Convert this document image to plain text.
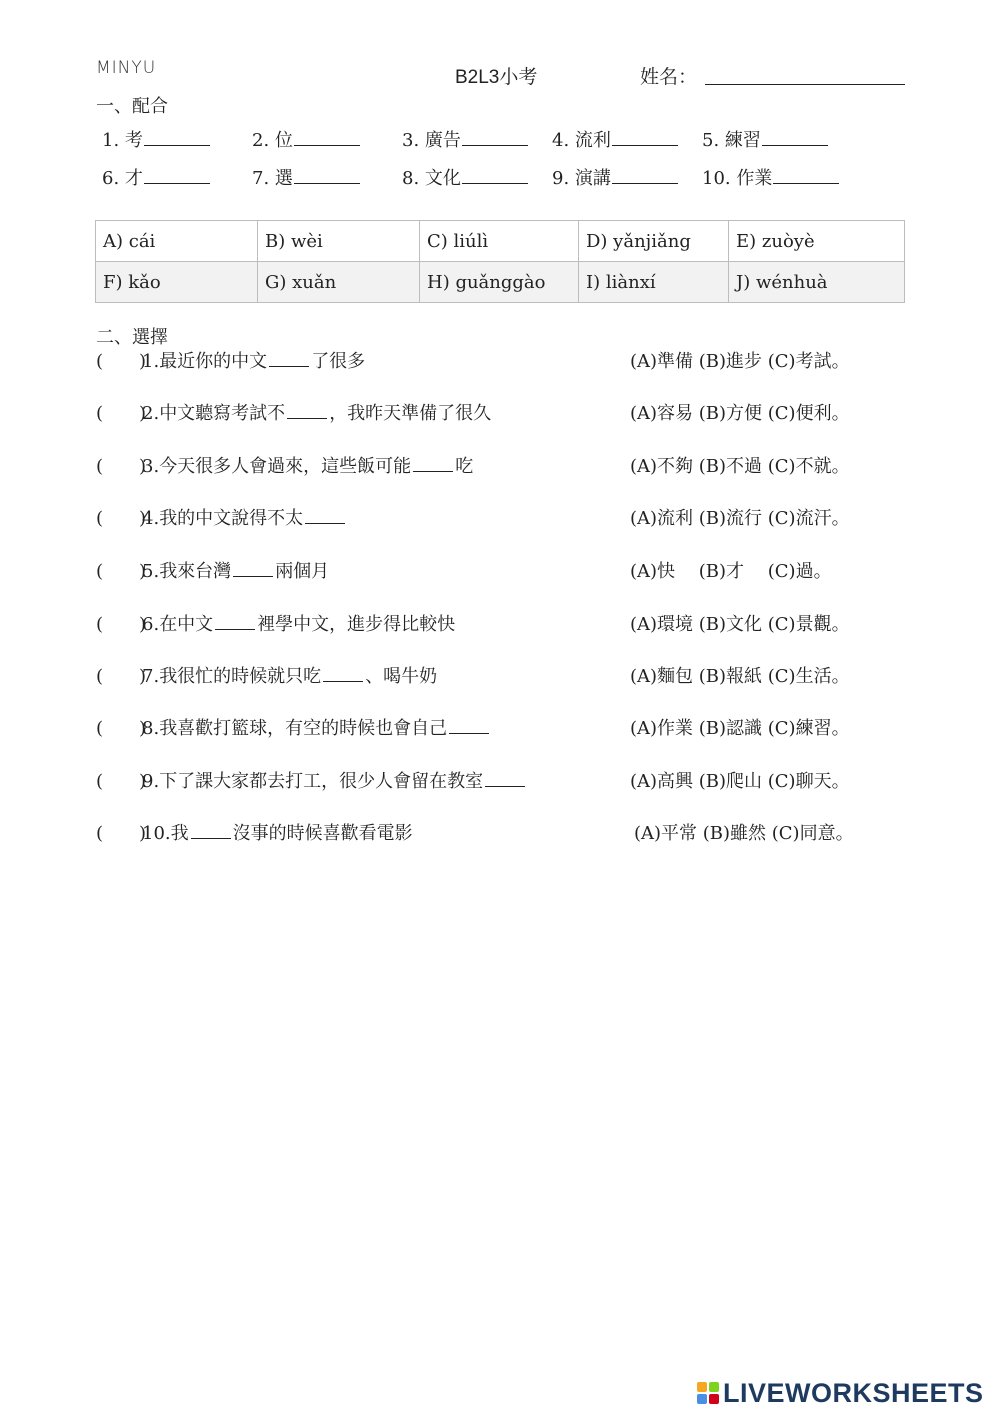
MINYU	B2L3小考	姓名：
一、配合
1. 考	2. 位	3. 廣告	4. 流利	5. 練習
6. 才	7. 選	8. 文化	9. 演講	10. 作業
A) cái	B) wèi	C) liúlì	D) yǎnjiǎng	E) zuòyè
F) kǎo	G) xuǎn	H) guǎnggào	I) liànxí	J) wénhuà
二、選擇
(　　)
1.最近你的中文 了很多	(A)準備 (B)進步 (C)考試。
(　　)
2.中文聽寫考試不 ，我昨天準備了很久	(A)容易 (B)方便 (C)便利。
(　　)
3.今天很多人會過來，這些飯可能 吃	(A)不夠 (B)不過 (C)不就。
(　　)
4.我的中文說得不太	(A)流利 (B)流行 (C)流汗。
(　　)
5.我來台灣 兩個月	(A)快　 (B)才　 (C)過。
(　　)
6.在中文 裡學中文，進步得比較快	(A)環境 (B)文化 (C)景觀。
(　　)
7.我很忙的時候就只吃 、喝牛奶	(A)麵包 (B)報紙 (C)生活。
(　　)
8.我喜歡打籃球，有空的時候也會自己	(A)作業 (B)認識 (C)練習。
(　　)
9.下了課大家都去打工，很少人會留在教室	(A)高興 (B)爬山 (C)聊天。
(　　)
10.我 沒事的時候喜歡看電影	(A)平常 (B)雖然 (C)同意。
LIVEWORKSHEETS
